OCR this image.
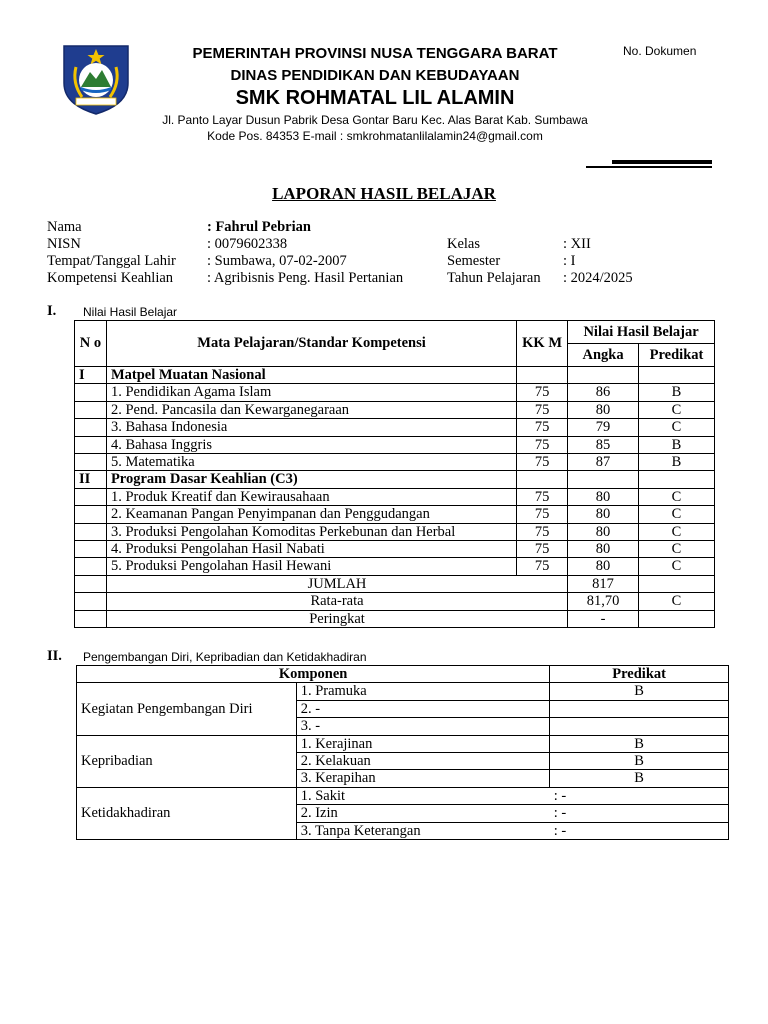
No. Dokumen
PEMERINTAH PROVINSI NUSA TENGGARA BARAT
DINAS PENDIDIKAN DAN KEBUDAYAAN
SMK ROHMATAL LIL ALAMIN
Jl. Panto Layar Dusun Pabrik Desa Gontar Baru Kec. Alas Barat Kab. Sumbawa
Kode Pos. 84353 E-mail : smkrohmatanlilalamin24@gmail.com
LAPORAN HASIL BELAJAR
Nama	: Fahrul Pebrian
NISN	: 0079602338
Tempat/Tanggal Lahir : Sumbawa, 07-02-2007
Kompetensi Keahlian : Agribisnis Peng. Hasil Pertanian
Kelas	: XII
Semester	: I
Tahun Pelajaran : 2024/2025
I. Nilai Hasil Belajar
N o	Mata Pelajaran/Standar Kompetensi	KK M	Nilai Hasil Belajar	
			Angka	Predikat
I	Matpel Muatan Nasional			
	1. Pendidikan Agama Islam	75	86	B
	2. Pend. Pancasila dan Kewarganegaraan	75	80	C
	3. Bahasa Indonesia	75	79	C
	4. Bahasa Inggris	75	85	B
	5. Matematika	75	87	B
II	Program Dasar Keahlian (C3)			
	1. Produk Kreatif dan Kewirausahaan	75	80	C
	2. Keamanan Pangan Penyimpanan dan Penggudangan	75	80	C
	3. Produksi Pengolahan Komoditas Perkebunan dan Herbal	75	80	C
	4. Produksi Pengolahan Hasil Nabati	75	80	C
	5. Produksi Pengolahan Hasil Hewani	75	80	C
	JUMLAH		817	
	Rata-rata		81,70	C
	Peringkat		-	
II. Pengembangan Diri, Kepribadian dan Ketidakhadiran
Komponen		Predikat
Kegiatan Pengembangan Diri	1. Pramuka	B
	2. -	
	3. -	
Kepribadian	1. Kerajinan	B
	2. Kelakuan	B
	3. Kerapihan	B
Ketidakhadiran	1. Sakit : -	

	2. Izin : -	

	3. Tanpa Keterangan : -	
